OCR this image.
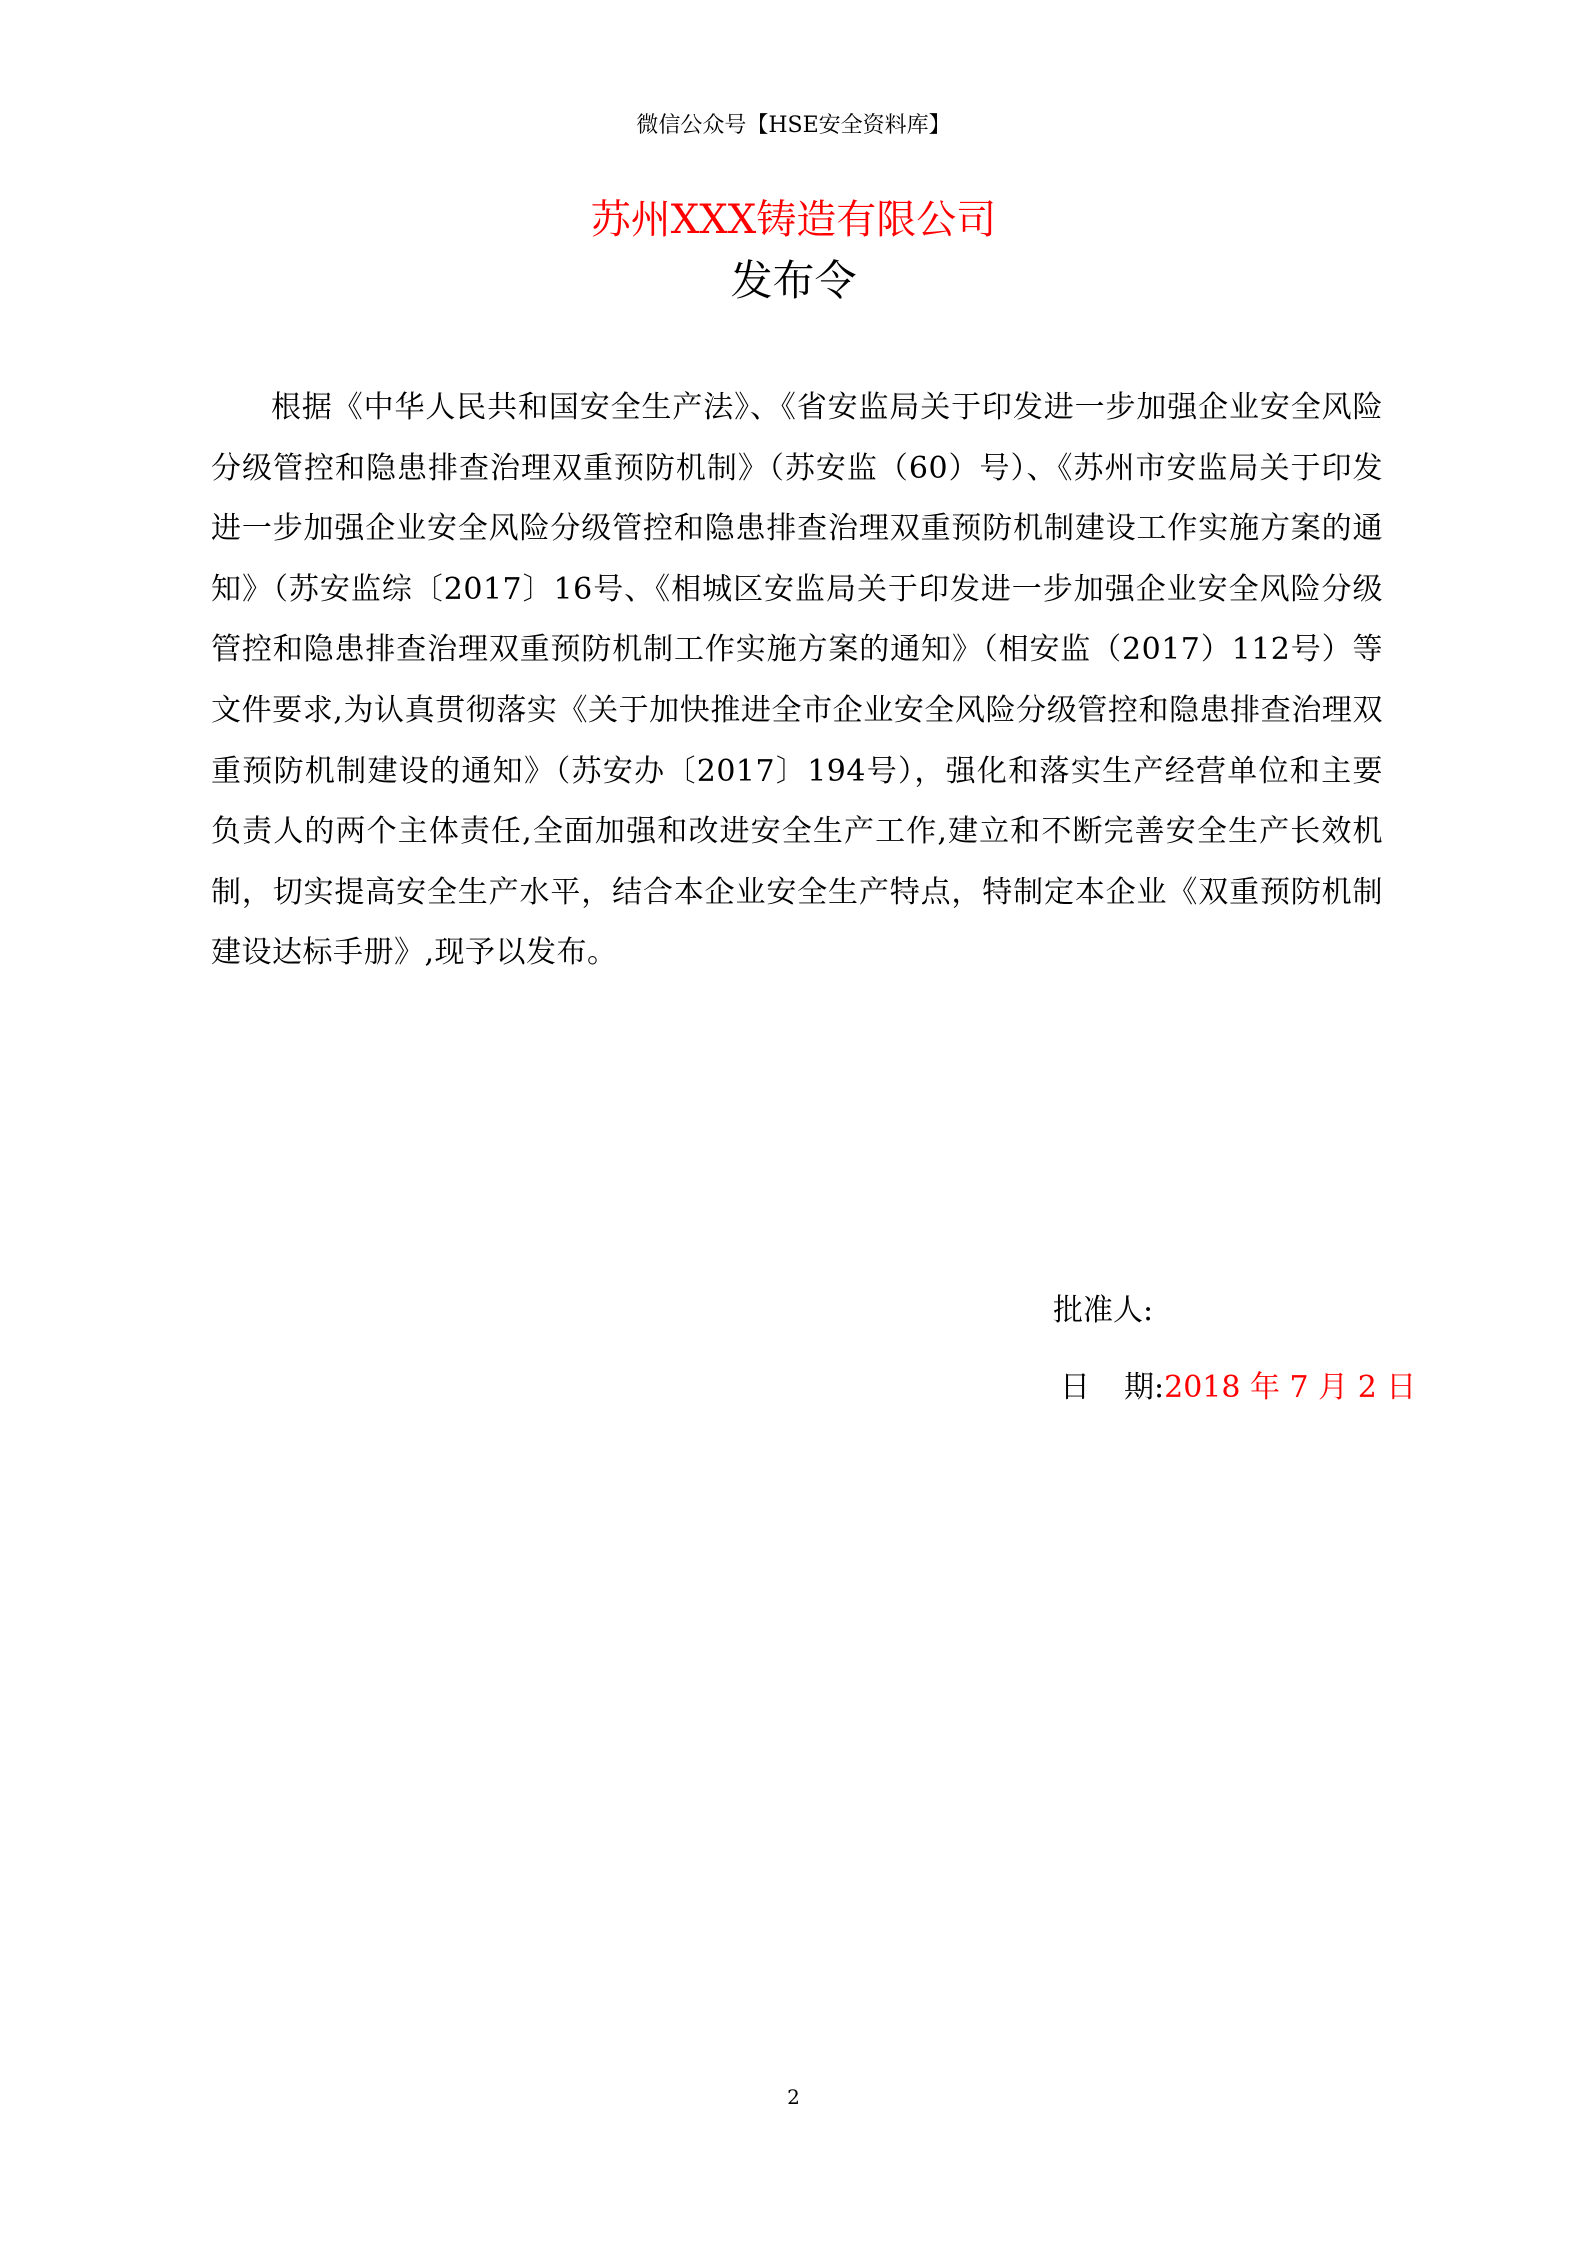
微信公众号【HSE安全资料库】
苏州XXX铸造有限公司
发布令

根据《中华人民共和国安全生产法》、《省安监局关于印发进一步加强企业安全风险分级管控和隐患排查治理双重预防机制》（苏安监（60）号）、《苏州市安监局关于印发进一步加强企业安全风险分级管控和隐患排查治理双重预防机制建设工作实施方案的通知》（苏安监综〔2017〕16号、《相城区安监局关于印发进一步加强企业安全风险分级管控和隐患排查治理双重预防机制工作实施方案的通知》（相安监（2017）112号）等文件要求,为认真贯彻落实《关于加快推进全市企业安全风险分级管控和隐患排查治理双重预防机制建设的通知》（苏安办〔2017〕194号），强化和落实生产经营单位和主要负责人的两个主体责任,全面加强和改进安全生产工作,建立和不断完善安全生产长效机制，切实提高安全生产水平，结合本企业安全生产特点，特制定本企业《双重预防机制建设达标手册》,现予以发布。

批准人:
日 期:2018 年 7 月 2 日
2
